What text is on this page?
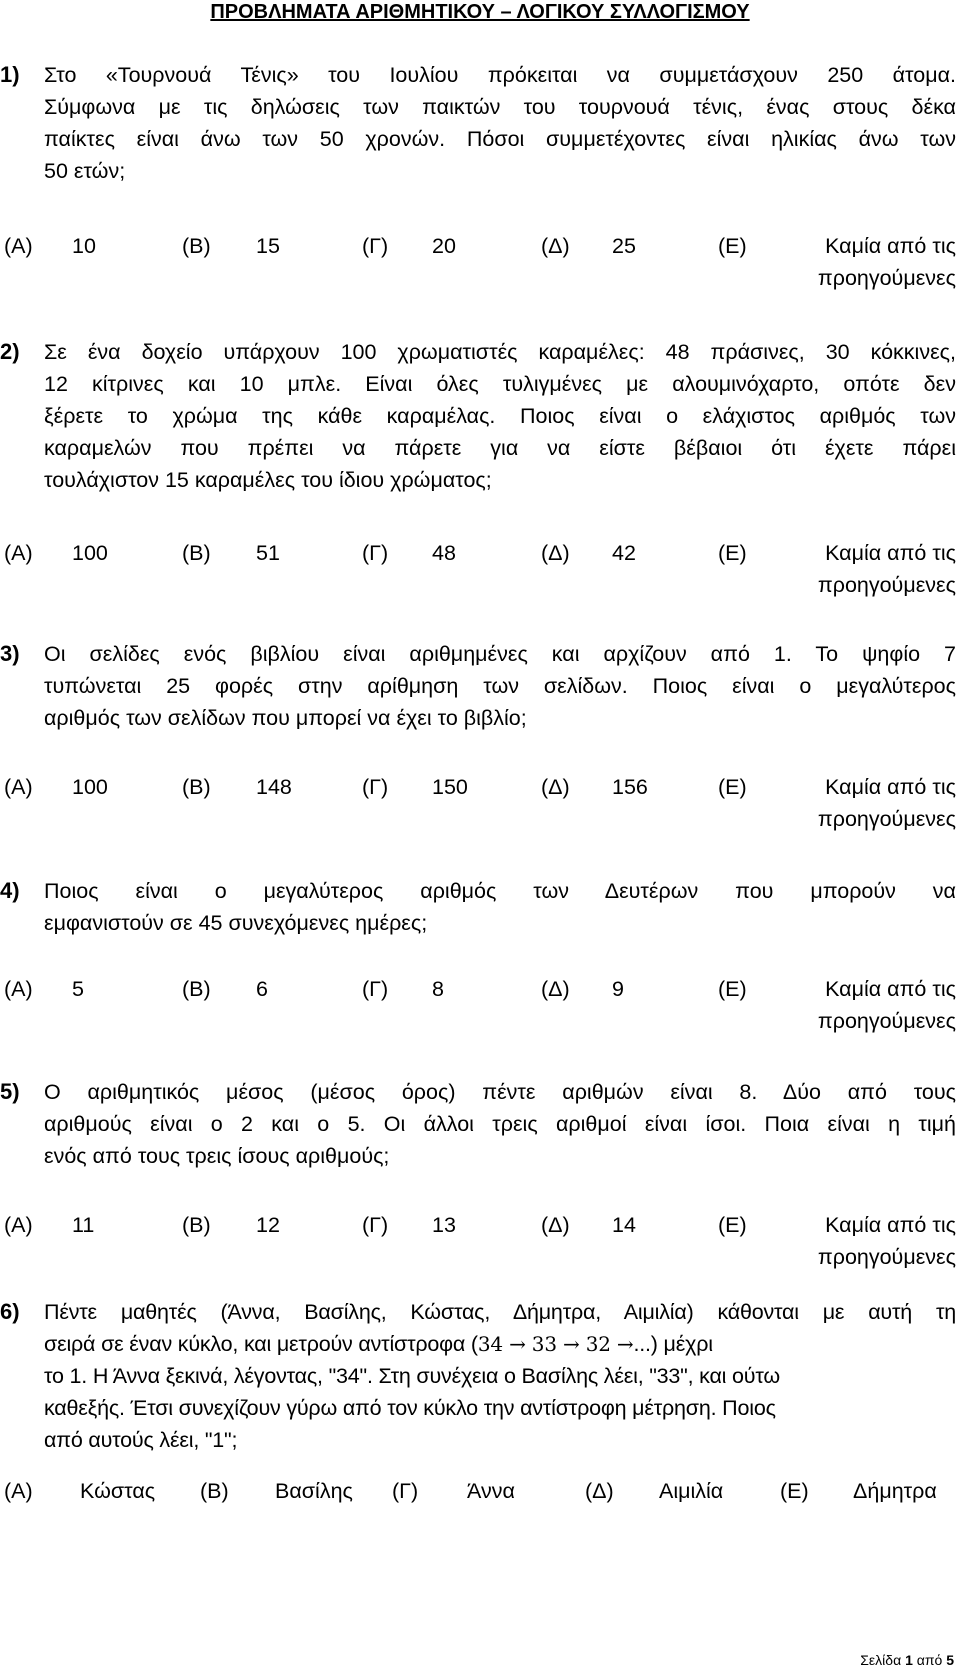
ΠΡΟΒΛΗΜΑΤΑ ΑΡΙΘΜΗΤΙΚΟΥ – ΛΟΓΙΚΟΥ ΣΥΛΛΟΓΙΣΜΟΥ
1) Στο «Τουρνουά Τένις» του Ιουλίου πρόκειται να συμμετάσχουν 250 άτομα.
Σύμφωνα με τις δηλώσεις των παικτών του τουρνουά τένις, ένας στους δέκα
παίκτες είναι άνω των 50 χρονών. Πόσοι συμμετέχοντες είναι ηλικίας άνω των
50 ετών;
(Α) 10	(Β) 15	(Γ) 20	(Δ) 25	(Ε)	Καμία από τις
προηγούμενες
2) Σε ένα δοχείο υπάρχουν 100 χρωματιστές καραμέλες: 48 πράσινες, 30 κόκκινες,
12 κίτρινες και 10 μπλε. Είναι όλες τυλιγμένες με αλουμινόχαρτο, οπότε δεν
ξέρετε το χρώμα της κάθε καραμέλας. Ποιος είναι ο ελάχιστος αριθμός των
καραμελών που πρέπει να πάρετε για να είστε βέβαιοι ότι έχετε πάρει
τουλάχιστον 15 καραμέλες του ίδιου χρώματος;
(Α) 100	(Β) 51	(Γ) 48	(Δ) 42	(Ε)	Καμία από τις
προηγούμενες
3) Οι σελίδες ενός βιβλίου είναι αριθμημένες και αρχίζουν από 1. Το ψηφίο 7
τυπώνεται 25 φορές στην αρίθμηση των σελίδων. Ποιος είναι ο μεγαλύτερος
αριθμός των σελίδων που μπορεί να έχει το βιβλίο;
(Α) 100	(Β) 148	(Γ) 150	(Δ) 156	(Ε)	Καμία από τις
προηγούμενες
4) Ποιος είναι ο μεγαλύτερος αριθμός των Δευτέρων που μπορούν να
εμφανιστούν σε 45 συνεχόμενες ημέρες;
(Α) 5	(Β) 6	(Γ) 8	(Δ) 9	(Ε)	Καμία από τις
προηγούμενες
5) Ο αριθμητικός μέσος (μέσος όρος) πέντε αριθμών είναι 8. Δύο από τους
αριθμούς είναι ο 2 και ο 5. Οι άλλοι τρεις αριθμοί είναι ίσοι. Ποια είναι η τιμή
ενός από τους τρεις ίσους αριθμούς;
(Α) 11	(Β) 12	(Γ) 13	(Δ) 14	(Ε)	Καμία από τις
προηγούμενες
6) Πέντε μαθητές (Άννα, Βασίλης, Κώστας, Δήμητρα, Αιμιλία) κάθονται με αυτή τη
σειρά σε έναν κύκλο, και μετρούν αντίστροφα (34 → 33 → 32 →...) μέχρι
το 1. Η Άννα ξεκινά, λέγοντας, "34". Στη συνέχεια ο Βασίλης λέει, "33", και ούτω
καθεξής. Έτσι συνεχίζουν γύρω από τον κύκλο την αντίστροφη μέτρηση. Ποιος
από αυτούς λέει, "1";
(Α) Κώστας (Β) Βασίλης (Γ) Άννα	(Δ) Αιμιλία	(Ε) Δήμητρα
Σελίδα 1 από 5
